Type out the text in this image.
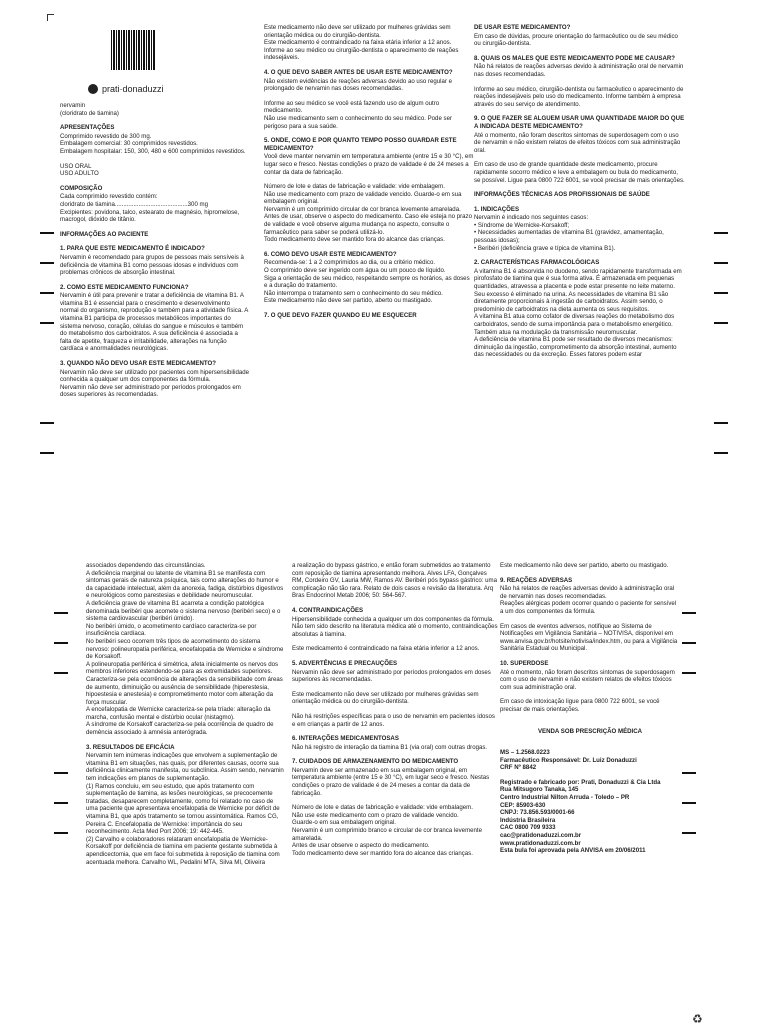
prati·donaduzzi

nervamin
(cloridrato de tiamina)

APRESENTAÇÕES

Comprimido revestido de 300 mg.
Embalagem comercial: 30 comprimidos revestidos.
Embalagem hospitalar: 150, 300, 480 e 600 comprimidos revestidos.

USO ORAL
USO ADULTO

COMPOSIÇÃO

Cada comprimido revestido contém:
cloridrato de tiamina...........................................300 mg
Excipientes: povidona, talco, estearato de magnésio, hipromelose, macrogol, dióxido de titânio.

INFORMAÇÕES AO PACIENTE
1. PARA QUE ESTE MEDICAMENTO É INDICADO?

Nervamin é recomendado para grupos de pessoas mais sensíveis à deficiência de vitamina B1 como pessoas idosas e indivíduos com problemas crônicos de absorção intestinal.

2. COMO ESTE MEDICAMENTO FUNCIONA?

Nervamin é útil para prevenir e tratar a deficiência de vitamina B1. A vitamina B1 é essencial para o crescimento e desenvolvimento normal do organismo, reprodução e também para a atividade física. A vitamina B1 participa de processos metabólicos importantes do sistema nervoso, coração, células do sangue e músculos e também do metabolismo dos carboidratos. A sua deficiência é associada a falta de apetite, fraqueza e irritabilidade, alterações na função cardíaca e anormalidades neurológicas.

3. QUANDO NÃO DEVO USAR ESTE MEDICAMENTO?

Nervamin não deve ser utilizado por pacientes com hipersensibilidade conhecida a qualquer um dos componentes da fórmula.
Nervamin não deve ser administrado por períodos prolongados em doses superiores às recomendadas.

Este medicamento não deve ser utilizado por mulheres grávidas sem orientação médica ou do cirurgião-dentista.
Este medicamento é contraindicado na faixa etária inferior a 12 anos.
Informe ao seu médico ou cirurgião-dentista o aparecimento de reações indesejáveis.

4. O QUE DEVO SABER ANTES DE USAR ESTE MEDICAMENTO?

Não existem evidências de reações adversas devido ao uso regular e prolongado de nervamin nas doses recomendadas.

Informe ao seu médico se você está fazendo uso de algum outro medicamento.
Não use medicamento sem o conhecimento do seu médico. Pode ser perigoso para a sua saúde.

5. ONDE, COMO E POR QUANTO TEMPO POSSO GUARDAR ESTE MEDICAMENTO?

Você deve manter nervamin em temperatura ambiente (entre 15 e 30 °C), em lugar seco e fresco. Nestas condições o prazo de validade é de 24 meses a contar da data de fabricação.

Número de lote e datas de fabricação e validade: vide embalagem.
Não use medicamento com prazo de validade vencido. Guarde-o em sua embalagem original.
Nervamin é um comprimido circular de cor branca levemente amarelada.
Antes de usar, observe o aspecto do medicamento. Caso ele esteja no prazo de validade e você observe alguma mudança no aspecto, consulte o farmacêutico para saber se poderá utilizá-lo.
Todo medicamento deve ser mantido fora do alcance das crianças.

6. COMO DEVO USAR ESTE MEDICAMENTO?

Recomenda-se: 1 a 2 comprimidos ao dia, ou a critério médico.
O comprimido deve ser ingerido com água ou um pouco de líquido.
Siga a orientação de seu médico, respeitando sempre os horários, as doses e a duração do tratamento.
Não interrompa o tratamento sem o conhecimento do seu médico.
Este medicamento não deve ser partido, aberto ou mastigado.

7. O QUE DEVO FAZER QUANDO EU ME ESQUECER
DE USAR ESTE MEDICAMENTO?

Em caso de dúvidas, procure orientação do farmacêutico ou de seu médico ou cirurgião-dentista.

8. QUAIS OS MALES QUE ESTE MEDICAMENTO PODE ME CAUSAR?

Não há relatos de reações adversas devido à administração oral de nervamin nas doses recomendadas.

Informe ao seu médico, cirurgião-dentista ou farmacêutico o aparecimento de reações indesejáveis pelo uso do medicamento. Informe também à empresa através do seu serviço de atendimento.

9. O QUE FAZER SE ALGUEM USAR UMA QUANTIDADE MAIOR DO QUE A INDICADA DESTE MEDICAMENTO?

Até o momento, não foram descritos sintomas de superdosagem com o uso de nervamin e não existem relatos de efeitos tóxicos com sua administração oral.

Em caso de uso de grande quantidade deste medicamento, procure rapidamente socorro médico e leve a embalagem ou bula do medicamento, se possível. Ligue para 0800 722 6001, se você precisar de mais orientações.

INFORMAÇÕES TÉCNICAS AOS PROFISSIONAIS DE SAÚDE
1. INDICAÇÕES

Nervamin é indicado nos seguintes casos:
• Síndrome de Wernicke-Korsakoff;
• Necessidades aumentadas de vitamina B1 (gravidez, amamentação, pessoas idosas);
• Beribéri (deficiência grave e típica de vitamina B1).

2. CARACTERÍSTICAS FARMACOLÓGICAS

A vitamina B1 é absorvida no duodeno, sendo rapidamente transformada em pirofosfato de tiamina que é sua forma ativa. É armazenada em pequenas quantidades, atravessa a placenta e pode estar presente no leite materno. Seu excesso é eliminado na urina. As necessidades de vitamina B1 são diretamente proporcionais à ingestão de carboidratos. Assim sendo, o predomínio de carboidratos na dieta aumenta os seus requisitos.
A vitamina B1 atua como cofator de diversas reações do metabolismo dos carboidratos, sendo de suma importância para o metabolismo energético. Também atua na modulação da transmissão neuromuscular.
A deficiência de vitamina B1 pode ser resultado de diversos mecanismos: diminuição da ingestão, comprometimento da absorção intestinal, aumento das necessidades ou da excreção. Esses fatores podem estar

associados dependendo das circunstâncias.
A deficiência marginal ou latente de vitamina B1 se manifesta com sintomas gerais de natureza psíquica, tais como alterações do humor e da capacidade intelectual, além da anorexia, fadiga, distúrbios digestivos e neurológicos como parestesias e debilidade neuromuscular.
A deficiência grave de vitamina B1 acarreta a condição patológica denominada beribéri que acomete o sistema nervoso (beribéri seco) e o sistema cardiovascular (beribéri úmido).
No beribéri úmido, o acometimento cardíaco caracteriza-se por insuficiência cardíaca.
No beribéri seco ocorrem três tipos de acometimento do sistema nervoso: polineuropatia periférica, encefalopatia de Wernicke e síndrome de Korsakoff.
A polineuropatia periférica é simétrica, afeta inicialmente os nervos dos membros inferiores estendendo-se para as extremidades superiores.
Caracteriza-se pela ocorrência de alterações da sensibilidade com áreas de aumento, diminuição ou ausência de sensibilidade (hiperestesia, hipoestesia e anestesia) e comprometimento motor com alteração da força muscular.
A encefalopatia de Wernicke caracteriza-se pela tríade: alteração da marcha, confusão mental e distúrbio ocular (nistagmo).
A síndrome de Korsakoff caracteriza-se pela ocorrência de quadro de demência associado à amnésia anterógrada.

3. RESULTADOS DE EFICÁCIA

Nervamin tem inúmeras indicações que envolvem a suplementação de vitamina B1 em situações, nas quais, por diferentes causas, ocorre sua deficiência clinicamente manifesta, ou subclínica. Assim sendo, nervamin tem indicações em planos de suplementação.
(1) Ramos concluiu, em seu estudo, que após tratamento com suplementação de tiamina, as lesões neurológicas, se precocemente tratadas, desaparecem completamente, como foi relatado no caso de uma paciente que apresentava encefalopatia de Wernicke por déficit de vitamina B1, que após tratamento se tornou assintomática. Ramos CG, Pereira C. Encefalopatia de Wernicke: importância do seu reconhecimento. Acta Med Port 2006; 19: 442-445.
(2) Carvalho e colaboradores relataram encefalopatia de Wernicke-Korsakoff por deficiência de tiamina em paciente gestante submetida à apendicectomia, que em face foi submetida à reposição de tiamina com acentuada melhora. Carvalho WL, Pedalini MTA, Silva MI, Oliveira

a realização do bypass gástrico, e então foram submetidos ao tratamento com reposição de tiamina apresentando melhora. Alves LFA, Gonçalves RM, Cordeiro GV, Lauria MW, Ramos AV. Beribéri pós bypass gástrico: uma complicação não tão rara. Relato de dois casos e revisão da literatura. Arq Bras Endocrinol Metab 2006; 50: 564-567.

4. CONTRAINDICAÇÕES

Hipersensibilidade conhecida a qualquer um dos componentes da fórmula. Não tem sido descrito na literatura médica até o momento, contraindicações absolutas à tiamina.

Este medicamento é contraindicado na faixa etária inferior a 12 anos.

5. ADVERTÊNCIAS E PRECAUÇÕES

Nervamin não deve ser administrado por períodos prolongados em doses superiores às recomendadas.

Este medicamento não deve ser utilizado por mulheres grávidas sem orientação médica ou do cirurgião-dentista.

Não há restrições específicas para o uso de nervamin em pacientes idosos e em crianças a partir de 12 anos.

6. INTERAÇÕES MEDICAMENTOSAS

Não há registro de interação da tiamina B1 (via oral) com outras drogas.

7. CUIDADOS DE ARMAZENAMENTO DO MEDICAMENTO

Nervamin deve ser armazenado em sua embalagem original, em temperatura ambiente (entre 15 e 30 °C), em lugar seco e fresco. Nestas condições o prazo de validade é de 24 meses a contar da data de fabricação.

Número de lote e datas de fabricação e validade: vide embalagem.
Não use este medicamento com o prazo de validade vencido.
Guarde-o em sua embalagem original.
Nervamin é um comprimido branco e circular de cor branca levemente amarelada.
Antes de usar observe o aspecto do medicamento.
Todo medicamento deve ser mantido fora do alcance das crianças.

Este medicamento não deve ser partido, aberto ou mastigado.

9. REAÇÕES ADVERSAS

Não há relatos de reações adversas devido à administração oral de nervamin nas doses recomendadas.
Reações alérgicas podem ocorrer quando o paciente for sensível a um dos componentes da fórmula.

Em casos de eventos adversos, notifique ao Sistema de Notificações em Vigilância Sanitária – NOTIVISA, disponível em www.anvisa.gov.br/hotsite/notivisa/index.htm, ou para a Vigilância Sanitária Estadual ou Municipal.

10. SUPERDOSE

Até o momento, não foram descritos sintomas de superdosagem com o uso de nervamin e não existem relatos de efeitos tóxicos com sua administração oral.

Em caso de intoxicação ligue para 0800 722 6001, se você precisar de mais orientações.

VENDA SOB PRESCRIÇÃO MÉDICA

MS – 1.2568.0223
Farmacêutico Responsável: Dr. Luiz Donaduzzi
CRF Nº 8842

Registrado e fabricado por: Prati, Donaduzzi & Cia Ltda
Rua Mitsugoro Tanaka, 145
Centro Industrial Nilton Arruda - Toledo – PR
CEP: 85903-630
CNPJ: 73.856.593/0001-66
Indústria Brasileira
CAC 0800 709 9333
cac@pratidonaduzzi.com.br
www.pratidonaduzzi.com.br
Esta bula foi aprovada pela ANVISA em 20/06/2011

♻
